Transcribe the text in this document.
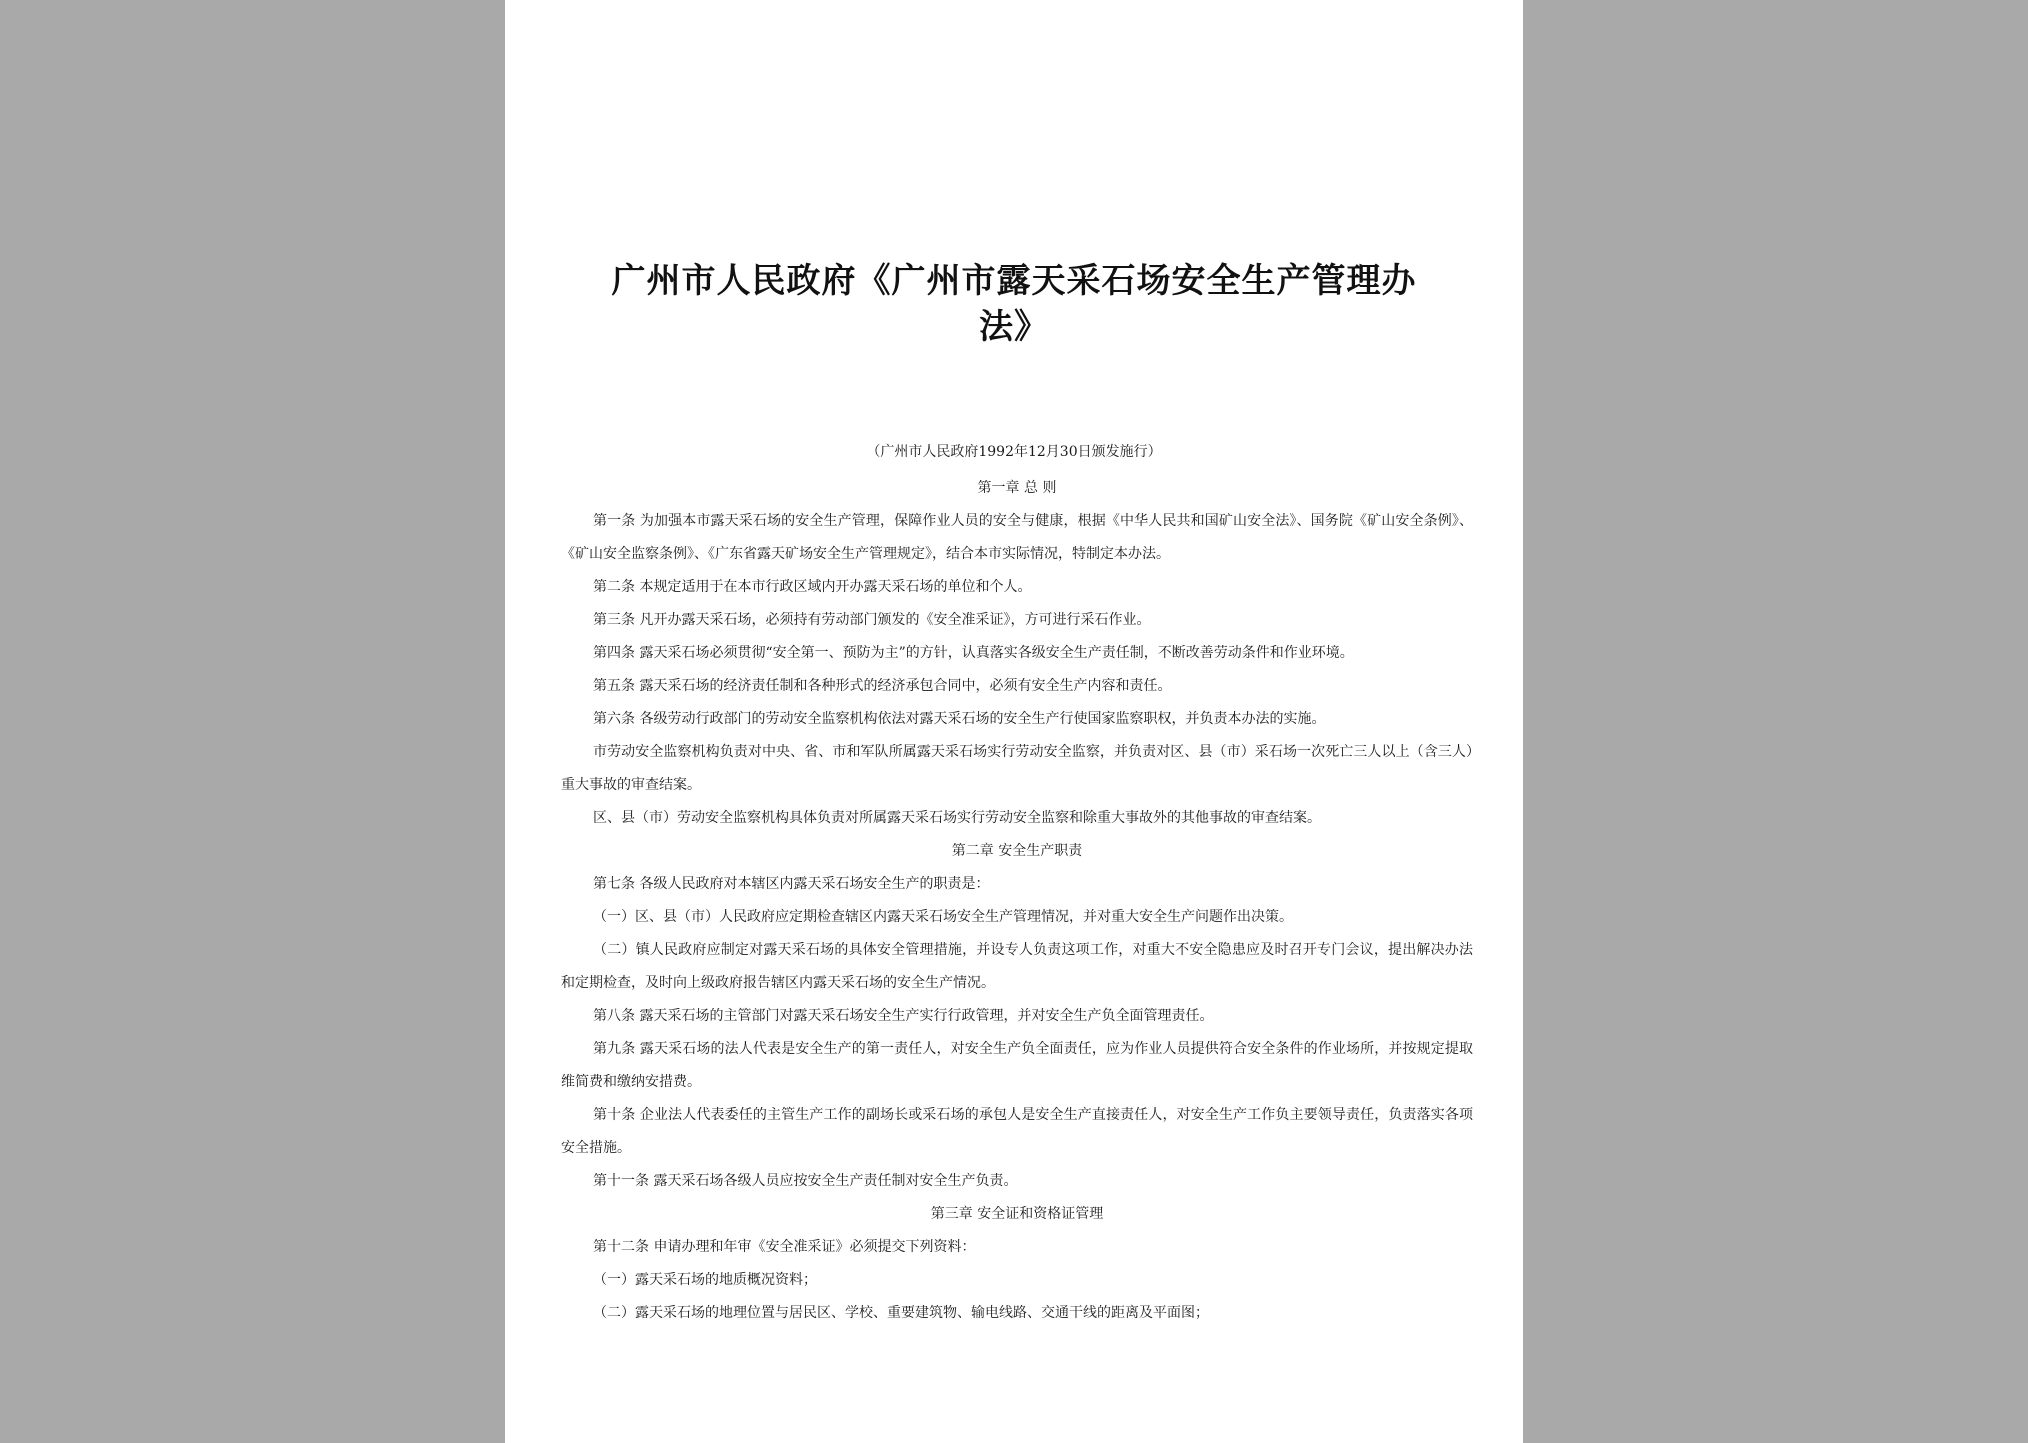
广州市人民政府《广州市露天采石场安全生产管理办
法》
（广州市人民政府1992年12月30日颁发施行）

第一章 总 则

第一条 为加强本市露天采石场的安全生产管理，保障作业人员的安全与健康，根据《中华人民共和国矿山安全法》、国务院《矿山安全条例》、《矿山安全监察条例》、《广东省露天矿场安全生产管理规定》，结合本市实际情况，特制定本办法。

第二条 本规定适用于在本市行政区域内开办露天采石场的单位和个人。

第三条 凡开办露天采石场，必须持有劳动部门颁发的《安全准采证》，方可进行采石作业。

第四条 露天采石场必须贯彻“安全第一、预防为主”的方针，认真落实各级安全生产责任制，不断改善劳动条件和作业环境。

第五条 露天采石场的经济责任制和各种形式的经济承包合同中，必须有安全生产内容和责任。

第六条 各级劳动行政部门的劳动安全监察机构依法对露天采石场的安全生产行使国家监察职权，并负责本办法的实施。

市劳动安全监察机构负责对中央、省、市和军队所属露天采石场实行劳动安全监察，并负责对区、县（市）采石场一次死亡三人以上（含三人）重大事故的审查结案。

区、县（市）劳动安全监察机构具体负责对所属露天采石场实行劳动安全监察和除重大事故外的其他事故的审查结案。

第二章 安全生产职责

第七条 各级人民政府对本辖区内露天采石场安全生产的职责是：

（一）区、县（市）人民政府应定期检查辖区内露天采石场安全生产管理情况，并对重大安全生产问题作出决策。

（二）镇人民政府应制定对露天采石场的具体安全管理措施，并设专人负责这项工作，对重大不安全隐患应及时召开专门会议，提出解决办法和定期检查，及时向上级政府报告辖区内露天采石场的安全生产情况。

第八条 露天采石场的主管部门对露天采石场安全生产实行行政管理，并对安全生产负全面管理责任。

第九条 露天采石场的法人代表是安全生产的第一责任人，对安全生产负全面责任，应为作业人员提供符合安全条件的作业场所，并按规定提取维简费和缴纳安措费。

第十条 企业法人代表委任的主管生产工作的副场长或采石场的承包人是安全生产直接责任人，对安全生产工作负主要领导责任，负责落实各项安全措施。

第十一条 露天采石场各级人员应按安全生产责任制对安全生产负责。

第三章 安全证和资格证管理

第十二条 申请办理和年审《安全准采证》必须提交下列资料：

（一）露天采石场的地质概况资料；

（二）露天采石场的地理位置与居民区、学校、重要建筑物、输电线路、交通干线的距离及平面图；
